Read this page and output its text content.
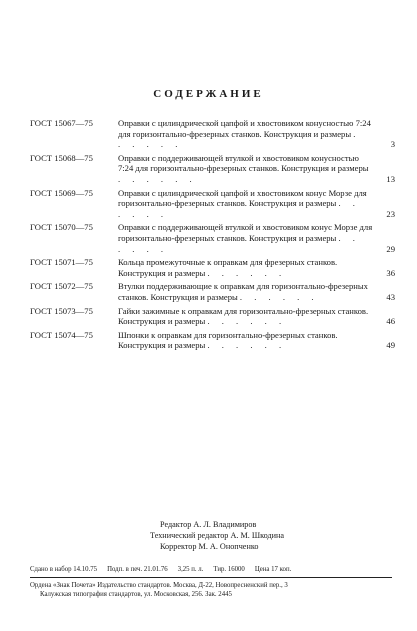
СОДЕРЖАНИЕ
ГОСТ 15067—75	Оправки с цилиндрической цапфой и хвостовиком конусностью 7:24 для горизонтально-фрезерных станков. Конструкция и размеры . . . . . .	3
ГОСТ 15068—75	Оправки с поддерживающей втулкой и хвостовиком конусностью 7:24 для горизонтально-фрезерных станков. Конструкция и размеры . . . . . .	13
ГОСТ 15069—75	Оправки с цилиндрической цапфой и хвостовиком конус Морзе для горизонтально-фрезерных станков. Конструкция и размеры . . . . . .	23
ГОСТ 15070—75	Оправки с поддерживающей втулкой и хвостовиком конус Морзе для горизонтально-фрезерных станков. Конструкция и размеры . . . . . .	29
ГОСТ 15071—75	Кольца промежуточные к оправкам для фрезерных станков. Конструкция и размеры . . . . . .	36
ГОСТ 15072—75	Втулки поддерживающие к оправкам для горизонтально-фрезерных станков. Конструкция и размеры . . . . . .	43
ГОСТ 15073—75	Гайки зажимные к оправкам для горизонтально-фрезерных станков. Конструкция и размеры . . . . . .	46
ГОСТ 15074—75	Шпонки к оправкам для горизонтально-фрезерных станков. Конструкция и размеры . . . . . .	49
Редактор А. Л. Владимиров
Технический редактор А. М. Шкодина
Корректор М. А. Онопченко
Сдано в набор 14.10.75 Подп. в печ. 21.01.76 3,25 п. л. Тир. 16000 Цена 17 коп.
Ордена «Знак Почета» Издательство стандартов. Москва, Д-22, Новопресненский пер., 3
Калужская типография стандартов, ул. Московская, 256. Зак. 2445
